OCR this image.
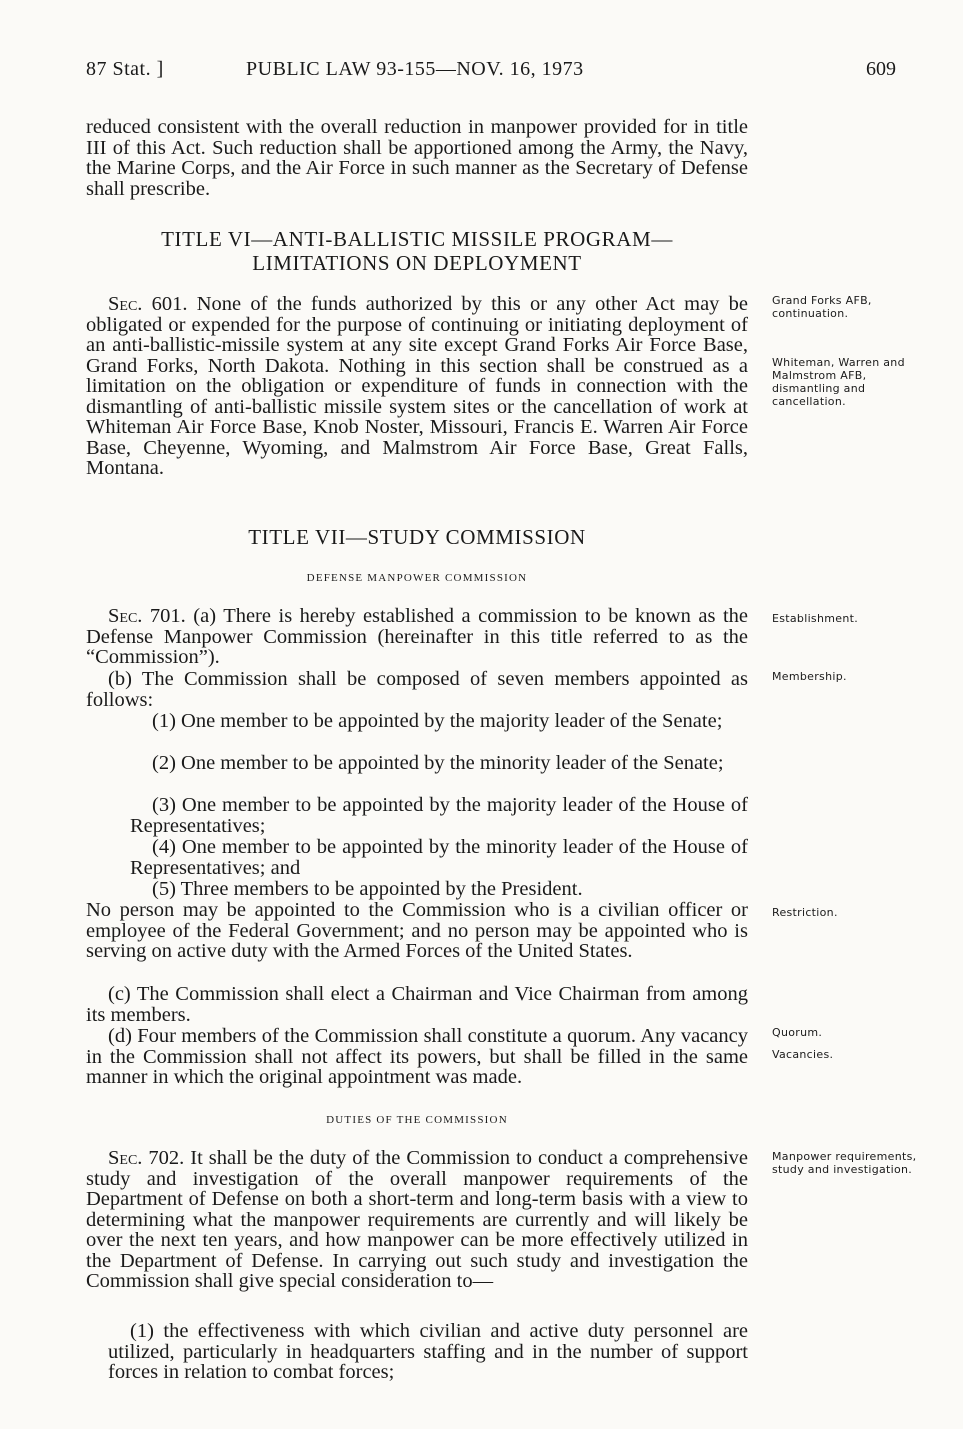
87 Stat. ]	PUBLIC LAW 93-155—NOV. 16, 1973	609
reduced consistent with the overall reduction in manpower provided for in title III of this Act. Such reduction shall be apportioned among the Army, the Navy, the Marine Corps, and the Air Force in such manner as the Secretary of Defense shall prescribe.
TITLE VI—ANTI-BALLISTIC MISSILE PROGRAM—
LIMITATIONS ON DEPLOYMENT
Sec. 601. None of the funds authorized by this or any other Act may be obligated or expended for the purpose of continuing or initiating deployment of an anti-ballistic-missile system at any site except Grand Forks Air Force Base, Grand Forks, North Dakota. Nothing in this section shall be construed as a limitation on the obligation or expenditure of funds in connection with the dismantling of anti-ballistic missile system sites or the cancellation of work at Whiteman Air Force Base, Knob Noster, Missouri, Francis E. Warren Air Force Base, Cheyenne, Wyoming, and Malmstrom Air Force Base, Great Falls, Montana.
Grand Forks AFB, continuation.
Whiteman, Warren and Malmstrom AFB, dismantling and cancellation.
TITLE VII—STUDY COMMISSION
DEFENSE MANPOWER COMMISSION
Sec. 701. (a) There is hereby established a commission to be known as the Defense Manpower Commission (hereinafter in this title referred to as the “Commission”).
(b) The Commission shall be composed of seven members appointed as follows:
(1) One member to be appointed by the majority leader of the Senate;
(2) One member to be appointed by the minority leader of the Senate;
(3) One member to be appointed by the majority leader of the House of Representatives;
(4) One member to be appointed by the minority leader of the House of Representatives; and
(5) Three members to be appointed by the President.
No person may be appointed to the Commission who is a civilian officer or employee of the Federal Government; and no person may be appointed who is serving on active duty with the Armed Forces of the United States.
(c) The Commission shall elect a Chairman and Vice Chairman from among its members.
(d) Four members of the Commission shall constitute a quorum. Any vacancy in the Commission shall not affect its powers, but shall be filled in the same manner in which the original appointment was made.
Establishment.
Membership.
Restriction.
Quorum.
Vacancies.
DUTIES OF THE COMMISSION
Sec. 702. It shall be the duty of the Commission to conduct a comprehensive study and investigation of the overall manpower requirements of the Department of Defense on both a short-term and long-term basis with a view to determining what the manpower requirements are currently and will likely be over the next ten years, and how manpower can be more effectively utilized in the Department of Defense. In carrying out such study and investigation the Commission shall give special consideration to—
Manpower requirements, study and investigation.
(1) the effectiveness with which civilian and active duty personnel are utilized, particularly in headquarters staffing and in the number of support forces in relation to combat forces;
